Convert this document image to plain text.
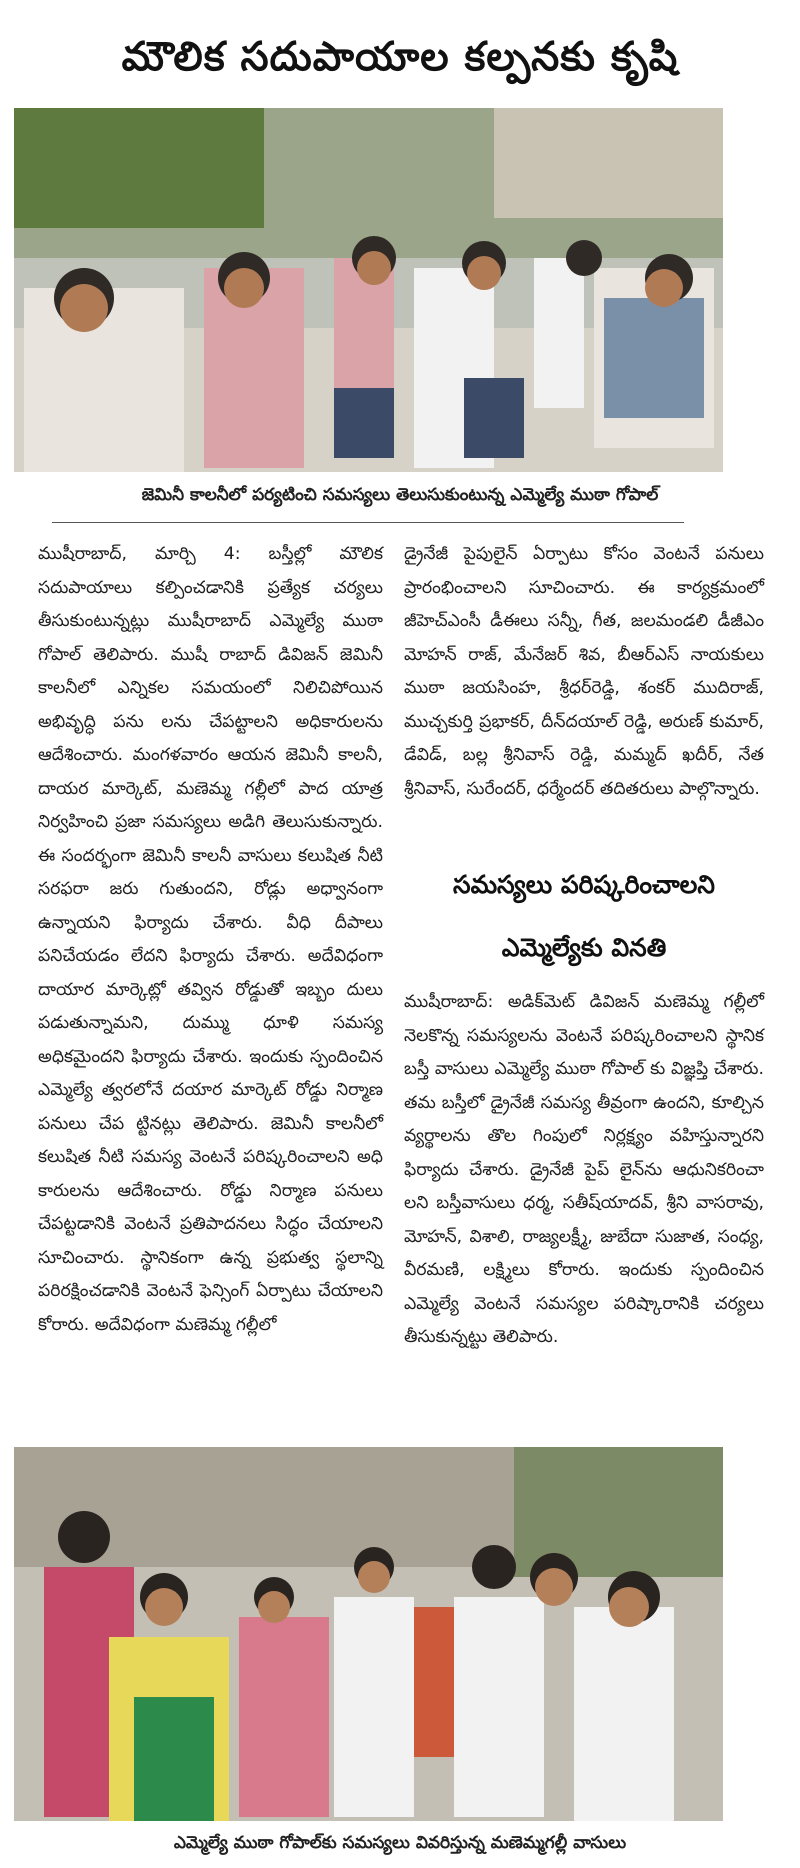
మౌలిక సదుపాయాల కల్పనకు కృషి
జెమినీ కాలనీలో పర్యటించి సమస్యలు తెలుసుకుంటున్న ఎమ్మెల్యే ముఠా గోపాల్

ముషీరాబాద్, మార్చి 4: బస్తీల్లో మౌలిక సదుపాయాలు కల్పించడానికి ప్రత్యేక చర్యలు తీసుకుంటున్నట్లు ముషీరాబాద్ ఎమ్మెల్యే ముఠా గోపాల్ తెలిపారు. ముషీ రాబాద్ డివిజన్ జెమినీ కాలనీలో ఎన్నికల సమయంలో నిలిచిపోయిన అభివృద్ధి పను లను చేపట్టాలని అధికారులను ఆదేశించారు. మంగళవారం ఆయన జెమినీ కాలనీ, దాయర మార్కెట్, మణెమ్మ గల్లీలో పాద యాత్ర నిర్వహించి ప్రజా సమస్యలు అడిగి తెలుసుకున్నారు. ఈ సందర్భంగా జెమినీ కాలనీ వాసులు కలుషిత నీటి సరఫరా జరు గుతుందని, రోడ్లు అధ్వానంగా ఉన్నాయని ఫిర్యాదు చేశారు. వీధి దీపాలు పనిచేయడం లేదని ఫిర్యాదు చేశారు. అదేవిధంగా దాయార మార్కెట్లో తవ్విన రోడ్డుతో ఇబ్బం దులు పడుతున్నామని, దుమ్ము ధూళి సమస్య అధికమైందని ఫిర్యాదు చేశారు. ఇందుకు స్పందించిన ఎమ్మెల్యే త్వరలోనే దయార మార్కెట్ రోడ్డు నిర్మాణ పనులు చేప ట్టినట్లు తెలిపారు. జెమినీ కాలనీలో కలుషిత నీటి సమస్య వెంటనే పరిష్కరించాలని అధి కారులను ఆదేశించారు. రోడ్డు నిర్మాణ పనులు చేపట్టడానికి వెంటనే ప్రతిపాదనలు సిద్ధం చేయాలని సూచించారు. స్థానికంగా ఉన్న ప్రభుత్వ స్థలాన్ని పరిరక్షించడానికి వెంటనే ఫెన్సింగ్ ఏర్పాటు చేయాలని కోరారు. అదేవిధంగా మణెమ్మ గల్లీలో

డ్రైనేజీ పైపులైన్ ఏర్పాటు కోసం వెంటనే పనులు ప్రారంభించాలని సూచించారు. ఈ కార్యక్రమంలో జీహెచ్ఎంసీ డీఈలు సన్నీ, గీత, జలమండలి డీజీఎం మోహన్ రాజ్, మేనేజర్ శివ, బీఆర్ఎస్ నాయకులు ముఠా జయసింహ, శ్రీధర్‌రెడ్డి, శంకర్ ముదిరాజ్, ముచ్చకుర్తి ప్రభాకర్, దీన్‌దయాల్ రెడ్డి, అరుణ్ కుమార్, డేవిడ్, బల్ల శ్రీనివాస్ రెడ్డి, మమ్మద్ ఖదీర్, నేత శ్రీనివాస్, సురేందర్, ధర్మేందర్ తదితరులు పాల్గొన్నారు.

సమస్యలు పరిష్కరించాలని
ఎమ్మెల్యేకు వినతి

ముషీరాబాద్: అడిక్‌మెట్ డివిజన్ మణెమ్మ గల్లీలో నెలకొన్న సమస్యలను వెంటనే పరిష్కరించాలని స్థానిక బస్తీ వాసులు ఎమ్మెల్యే ముఠా గోపాల్ కు విజ్ఞప్తి చేశారు. తమ బస్తీలో డ్రైనేజీ సమస్య తీవ్రంగా ఉందని, కూల్చిన వ్యర్థాలను తొల గింపులో నిర్లక్ష్యం వహిస్తున్నారని ఫిర్యాదు చేశారు. డ్రైనేజీ పైప్ లైన్‌ను ఆధునికరించా లని బస్తీవాసులు ధర్మ, సతీష్‌యాదవ్, శ్రీని వాసరావు, మోహన్, విశాలి, రాజ్యలక్ష్మీ, జుబేదా సుజాత, సంధ్య, వీరమణి, లక్ష్మిలు కోరారు. ఇందుకు స్పందించిన ఎమ్మెల్యే వెంటనే సమస్యల పరిష్కారానికి చర్యలు తీసుకున్నట్టు తెలిపారు.

ఎమ్మెల్యే ముఠా గోపాల్‌కు సమస్యలు వివరిస్తున్న మణెమ్మగల్లీ వాసులు
